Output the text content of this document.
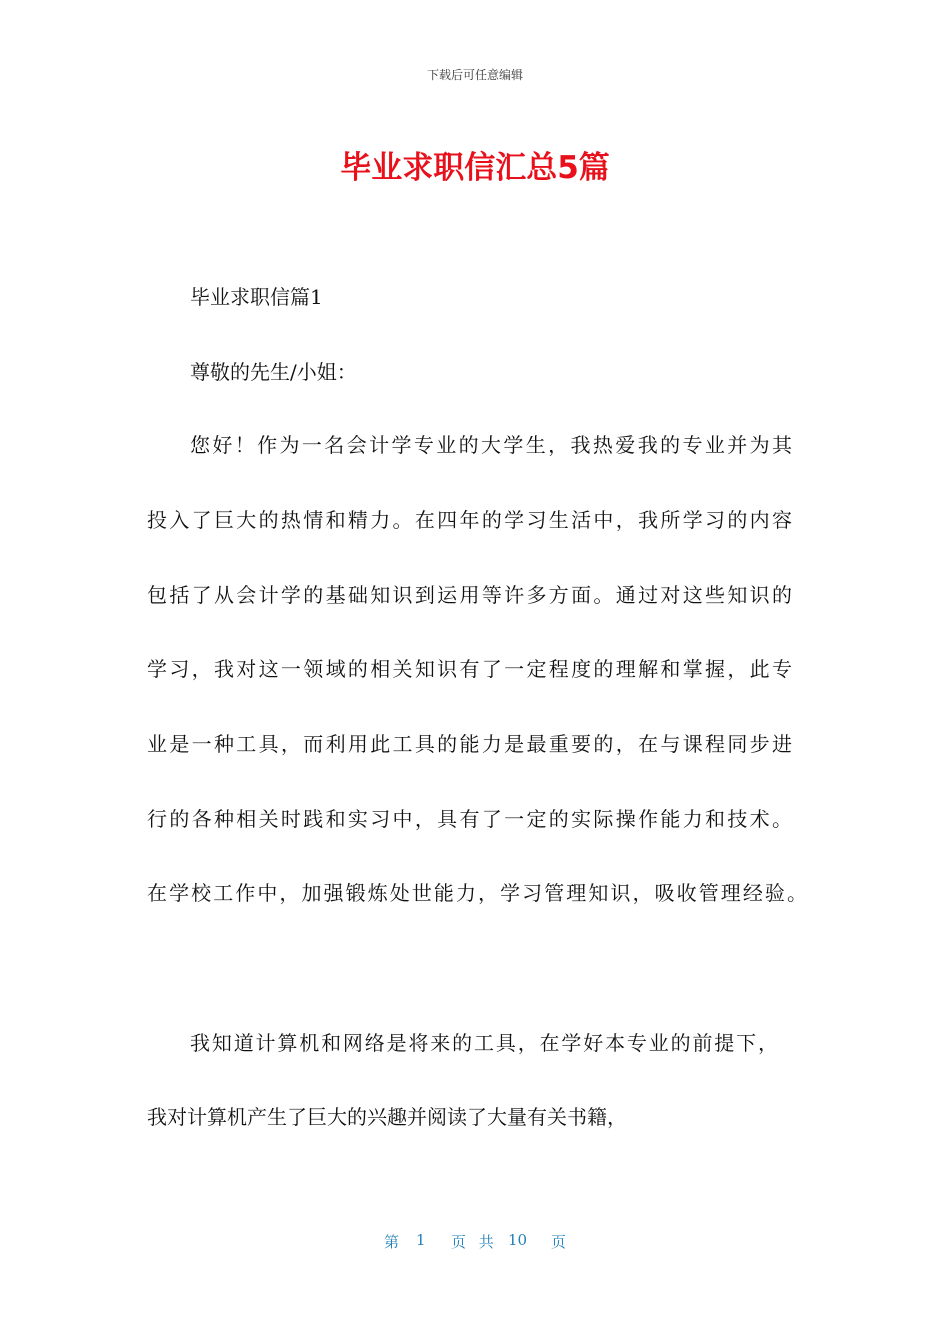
下载后可任意编辑
毕业求职信汇总5篇
毕业求职信篇1
尊敬的先生/小姐：
您好！作为一名会计学专业的大学生，我热爱我的专业并为其
投入了巨大的热情和精力。在四年的学习生活中，我所学习的内容
包括了从会计学的基础知识到运用等许多方面。通过对这些知识的
学习，我对这一领域的相关知识有了一定程度的理解和掌握，此专
业是一种工具，而利用此工具的能力是最重要的，在与课程同步进
行的各种相关时践和实习中，具有了一定的实际操作能力和技术。
在学校工作中，加强锻炼处世能力，学习管理知识，吸收管理经验。
我知道计算机和网络是将来的工具，在学好本专业的前提下，
我对计算机产生了巨大的兴趣并阅读了大量有关书籍，
第 1 页 共 10 页
